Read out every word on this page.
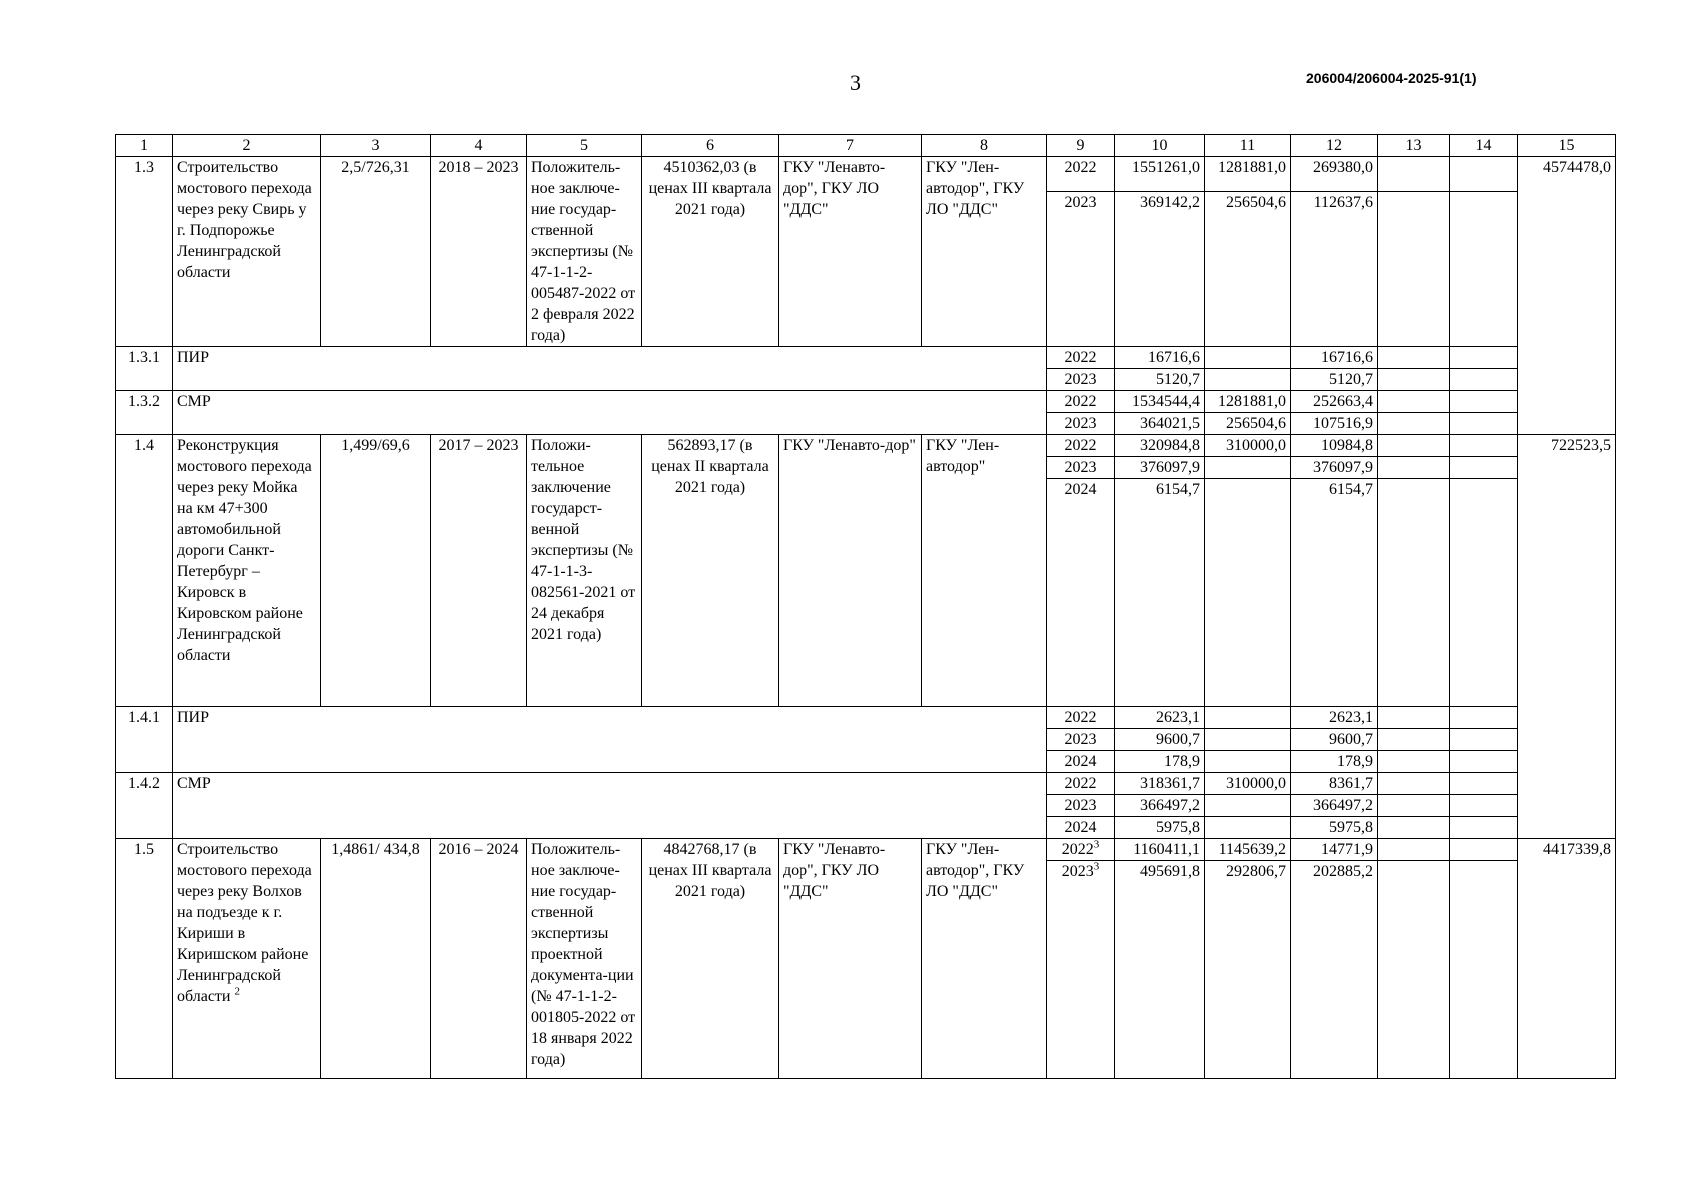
3	206004/206004-2025-91(1)
1	2	3	4	5	6	7	8	9	10	11	12	13	14	15
1.3	Строительство мостового перехода через реку Свирь у г. Подпорожье Ленинградской области	2,5/726,31	2018 – 2023	Положитель-ное заключе-ние государ-ственной экспертизы (№ 47-1-1-2-005487-2022 от 2 февраля 2022 года)	4510362,03 (в ценах III квартала 2021 года)	ГКУ "Ленавто-дор", ГКУ ЛО "ДДС"	ГКУ "Лен-автодор", ГКУ ЛО "ДДС"	2022	1551261,0	1281881,0	269380,0			4574478,0
								2023	369142,2	256504,6	112637,6			
1.3.1	ПИР							2022	16716,6		16716,6			
								2023	5120,7		5120,7			
1.3.2	СМР							2022	1534544,4	1281881,0	252663,4			
								2023	364021,5	256504,6	107516,9			
1.4	Реконструкция мостового перехода через реку Мойка на км 47+300 автомобильной дороги Санкт-Петербург – Кировск в Кировском районе Ленинградской области	1,499/69,6	2017 – 2023	Положи-тельное заключение государст-венной экспертизы (№ 47-1-1-3-082561-2021 от 24 декабря 2021 года)	562893,17 (в ценах II квартала 2021 года)	ГКУ "Ленавто-дор"	ГКУ "Лен-автодор"	2022	320984,8	310000,0	10984,8			722523,5
								2023	376097,9		376097,9			
								2024	6154,7		6154,7			
1.4.1	ПИР							2022	2623,1		2623,1			
								2023	9600,7		9600,7			
								2024	178,9		178,9			
1.4.2	СМР							2022	318361,7	310000,0	8361,7			
								2023	366497,2		366497,2			
								2024	5975,8		5975,8			
1.5	Строительство мостового перехода через реку Волхов на подъезде к г. Кириши в Киришском районе Ленинградской области $^2$	1,4861/ 434,8	2016 – 2024	Положитель-ное заключе-ние государ-ственной экспертизы проектной документа-ции (№ 47-1-1-2-001805-2022 от 18 января 2022 года)	4842768,17 (в ценах III квартала 2021 года)	ГКУ "Ленавто-дор", ГКУ ЛО "ДДС"	ГКУ "Лен-автодор", ГКУ ЛО "ДДС"	2022$^3$	1160411,1	1145639,2	14771,9			4417339,8
								2023$^3$	495691,8	292806,7	202885,2			
